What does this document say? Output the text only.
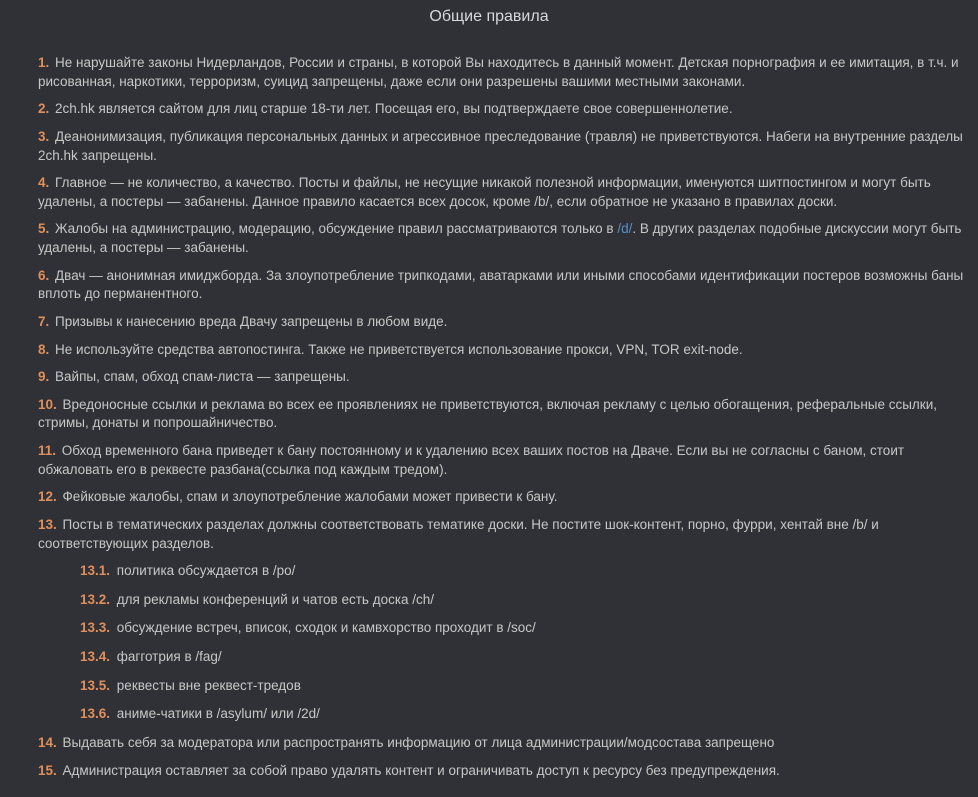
Общие правила

1. Не нарушайте законы Нидерландов, России и страны, в которой Вы находитесь в данный момент. Детская порнография и ее имитация, в т.ч. и рисованная, наркотики, терроризм, суицид запрещены, даже если они разрешены вашими местными законами.

2. 2ch.hk является сайтом для лиц старше 18-ти лет. Посещая его, вы подтверждаете свое совершеннолетие.

3. Деанонимизация, публикация персональных данных и агрессивное преследование (травля) не приветствуются. Набеги на внутренние разделы 2ch.hk запрещены.

4. Главное — не количество, а качество. Посты и файлы, не несущие никакой полезной информации, именуются шитпостингом и могут быть удалены, а постеры — забанены. Данное правило касается всех досок, кроме /b/, если обратное не указано в правилах доски.

5. Жалобы на администрацию, модерацию, обсуждение правил рассматриваются только в /d/. В других разделах подобные дискуссии могут быть удалены, а постеры — забанены.

6. Двач — анонимная имиджборда. За злоупотребление трипкодами, аватарками или иными способами идентификации постеров возможны баны вплоть до перманентного.

7. Призывы к нанесению вреда Двачу запрещены в любом виде.

8. Не используйте средства автопостинга. Также не приветствуется использование прокси, VPN, TOR exit-node.

9. Вайпы, спам, обход спам-листа — запрещены.

10. Вредоносные ссылки и реклама во всех ее проявлениях не приветствуются, включая рекламу с целью обогащения, реферальные ссылки, стримы, донаты и попрошайничество.

11. Обход временного бана приведет к бану постоянному и к удалению всех ваших постов на Дваче. Если вы не согласны с баном, стоит обжаловать его в реквесте разбана(ссылка под каждым тредом).

12. Фейковые жалобы, спам и злоупотребление жалобами может привести к бану.

13. Посты в тематических разделах должны соответствовать тематике доски. Не постите шок-контент, порно, фурри, хентай вне /b/ и соответствующих разделов.

13.1. политика обсуждается в /po/
13.2. для рекламы конференций и чатов есть доска /ch/
13.3. обсуждение встреч, вписок, сходок и камвхорство проходит в /soc/
13.4. фагготрия в /fag/
13.5. реквесты вне реквест-тредов
13.6. аниме-чатики в /asylum/ или /2d/

14. Выдавать себя за модератора или распространять информацию от лица администрации/модсостава запрещено

15. Администрация оставляет за собой право удалять контент и ограничивать доступ к ресурсу без предупреждения.
